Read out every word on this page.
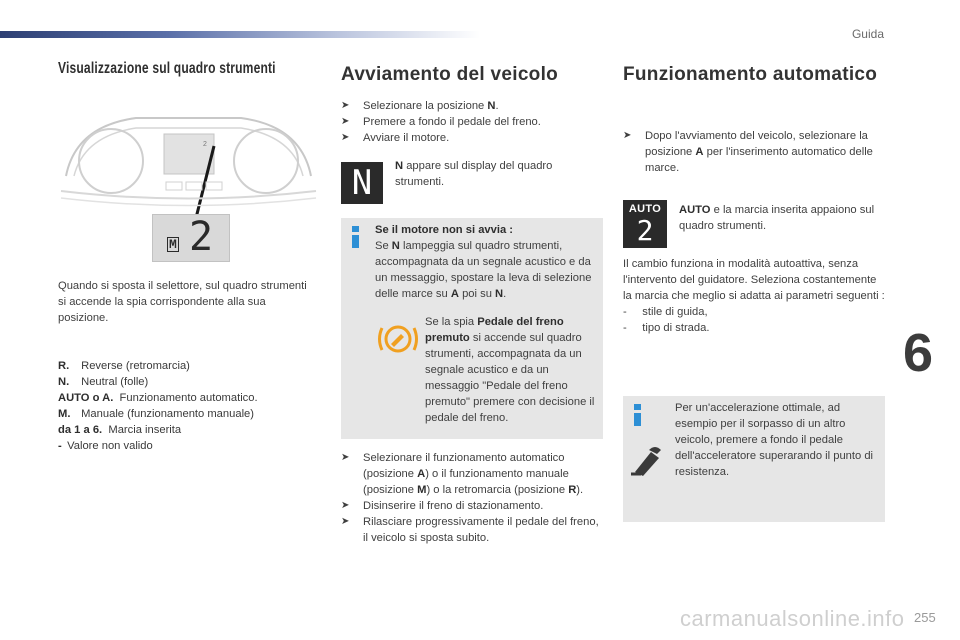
Guida
Visualizzazione sul quadro strumenti
2
M 2
Quando si sposta il selettore, sul quadro strumenti si accende la spia corrispondente alla sua posizione.
R. Reverse (retromarcia)
N. Neutral (folle)
AUTO o A. Funzionamento automatico.
M. Manuale (funzionamento manuale)
da 1 a 6. Marcia inserita
- Valore non valido
Avviamento del veicolo
➤ Selezionare la posizione N.
➤ Premere a fondo il pedale del freno.
➤ Avviare il motore.
N	N appare sul display del quadro strumenti.
Se il motore non si avvia :
Se N lampeggia sul quadro strumenti, accompagnata da un segnale acustico e da un messaggio, spostare la leva di selezione delle marce su A poi su N.
Se la spia Pedale del freno premuto si accende sul quadro strumenti, accompagnata da un segnale acustico e da un messaggio "Pedale del freno premuto" premere con decisione il pedale del freno.
➤ Selezionare il funzionamento automatico (posizione A) o il funzionamento manuale (posizione M) o la retromarcia (posizione R).
➤ Disinserire il freno di stazionamento.
➤ Rilasciare progressivamente il pedale del freno, il veicolo si sposta subito.
Funzionamento automatico
➤ Dopo l'avviamento del veicolo, selezionare la posizione A per l'inserimento automatico delle marce.
AUTO
2
AUTO e la marcia inserita appaiono sul quadro strumenti.
Il cambio funziona in modalità autoattiva, senza l'intervento del guidatore. Seleziona costantemente la marcia che meglio si adatta ai parametri seguenti :
-     stile di guida,
-     tipo di strada.
Per un'accelerazione ottimale, ad esempio per il sorpasso di un altro veicolo, premere a fondo il pedale dell'acceleratore superarando il punto di resistenza.
6
carmanualsonline.info 255
